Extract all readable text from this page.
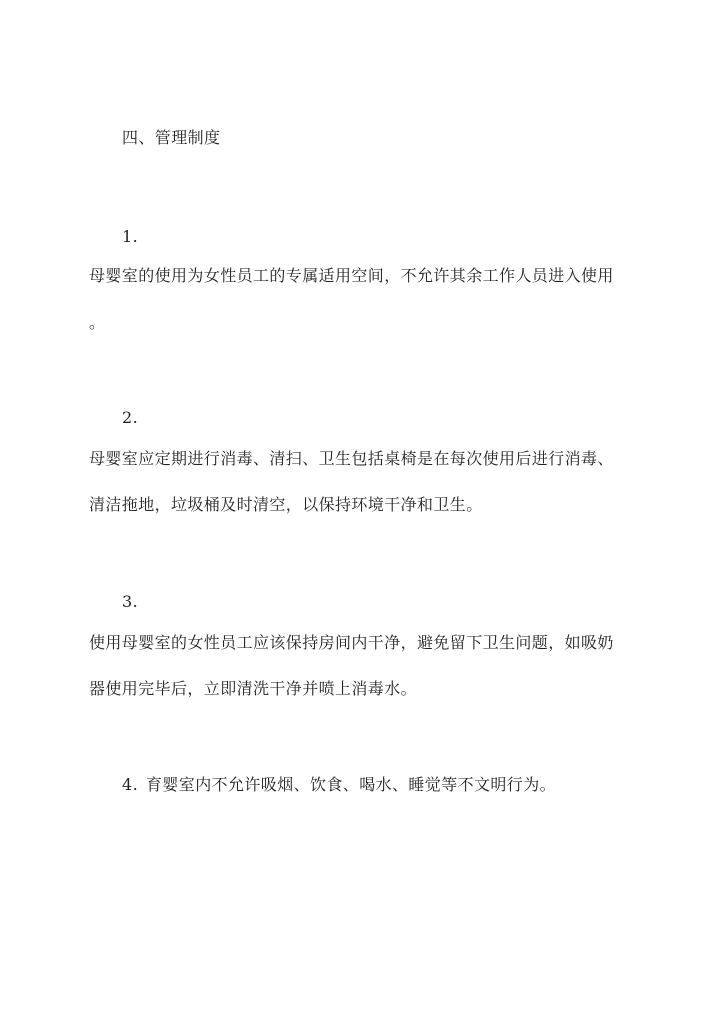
四、管理制度
1.
母婴室的使用为女性员工的专属适用空间，不允许其余工作人员进入使用
。
2.
母婴室应定期进行消毒、清扫、卫生包括桌椅是在每次使用后进行消毒、
清洁拖地，垃圾桶及时清空，以保持环境干净和卫生。
3.
使用母婴室的女性员工应该保持房间内干净，避免留下卫生问题，如吸奶
器使用完毕后，立即清洗干净并喷上消毒水。
4. 育婴室内不允许吸烟、饮食、喝水、睡觉等不文明行为。
